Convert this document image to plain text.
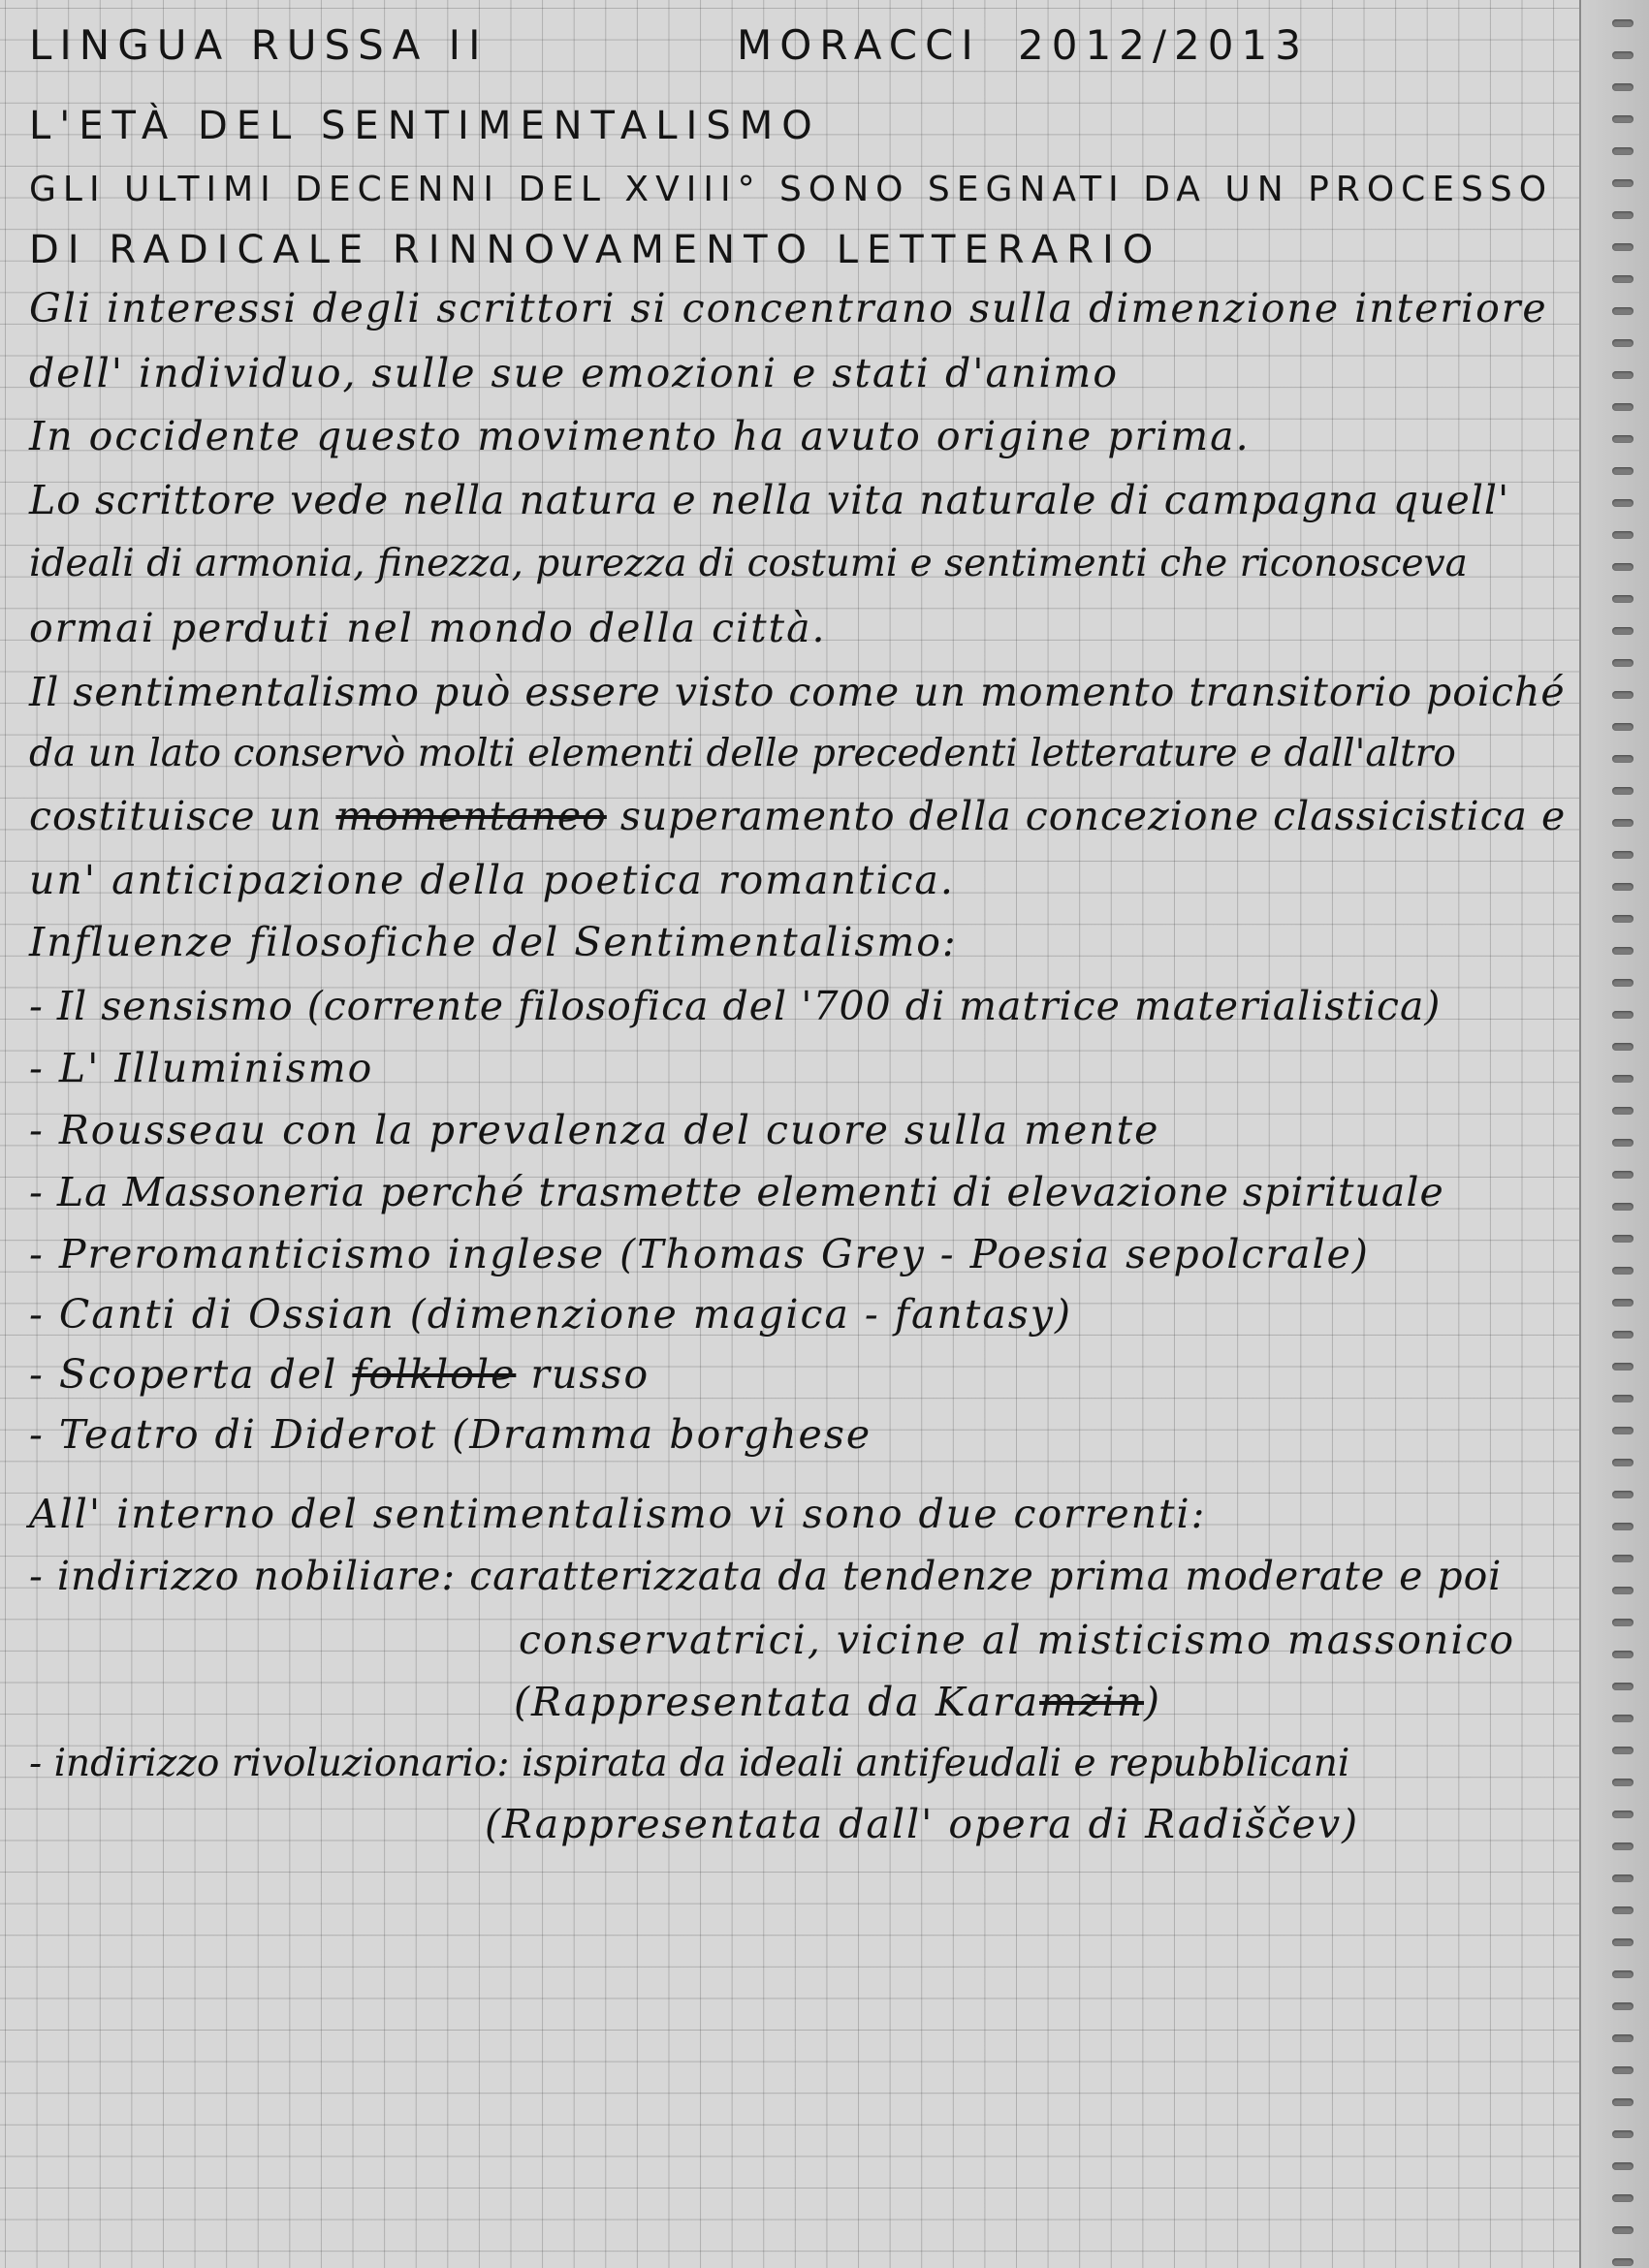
LINGUA RUSSA II	MORACCI 2012/2013
L'ETÀ DEL SENTIMENTALISMO
GLI ULTIMI DECENNI DEL XVIII° SONO SEGNATI DA UN PROCESSO
DI RADICALE RINNOVAMENTO LETTERARIO
Gli interessi degli scrittori si concentrano sulla dimenzione interiore
dell' individuo, sulle sue emozioni e stati d'animo
In occidente questo movimento ha avuto origine prima.
Lo scrittore vede nella natura e nella vita naturale di campagna quell'
ideali di armonia, finezza, purezza di costumi e sentimenti che riconosceva
ormai perduti nel mondo della città.
Il sentimentalismo può essere visto come un momento transitorio poiché
da un lato conservò molti elementi delle precedenti letterature e dall'altro
costituisce un momentaneo superamento della concezione classicistica e
un' anticipazione della poetica romantica.
Influenze filosofiche del Sentimentalismo:
- Il sensismo (corrente filosofica del '700 di matrice materialistica)
- L' Illuminismo
- Rousseau con la prevalenza del cuore sulla mente
- La Massoneria perché trasmette elementi di elevazione spirituale
- Preromanticismo inglese (Thomas Grey - Poesia sepolcrale)
- Canti di Ossian (dimenzione magica - fantasy)
- Scoperta del folklole russo
- Teatro di Diderot (Dramma borghese
All' interno del sentimentalismo vi sono due correnti:
- indirizzo nobiliare: caratterizzata da tendenze prima moderate e poi
conservatrici, vicine al misticismo massonico
(Rappresentata da Karamzin)
- indirizzo rivoluzionario: ispirata da ideali antifeudali e repubblicani
(Rappresentata dall' opera di Radiščev)
